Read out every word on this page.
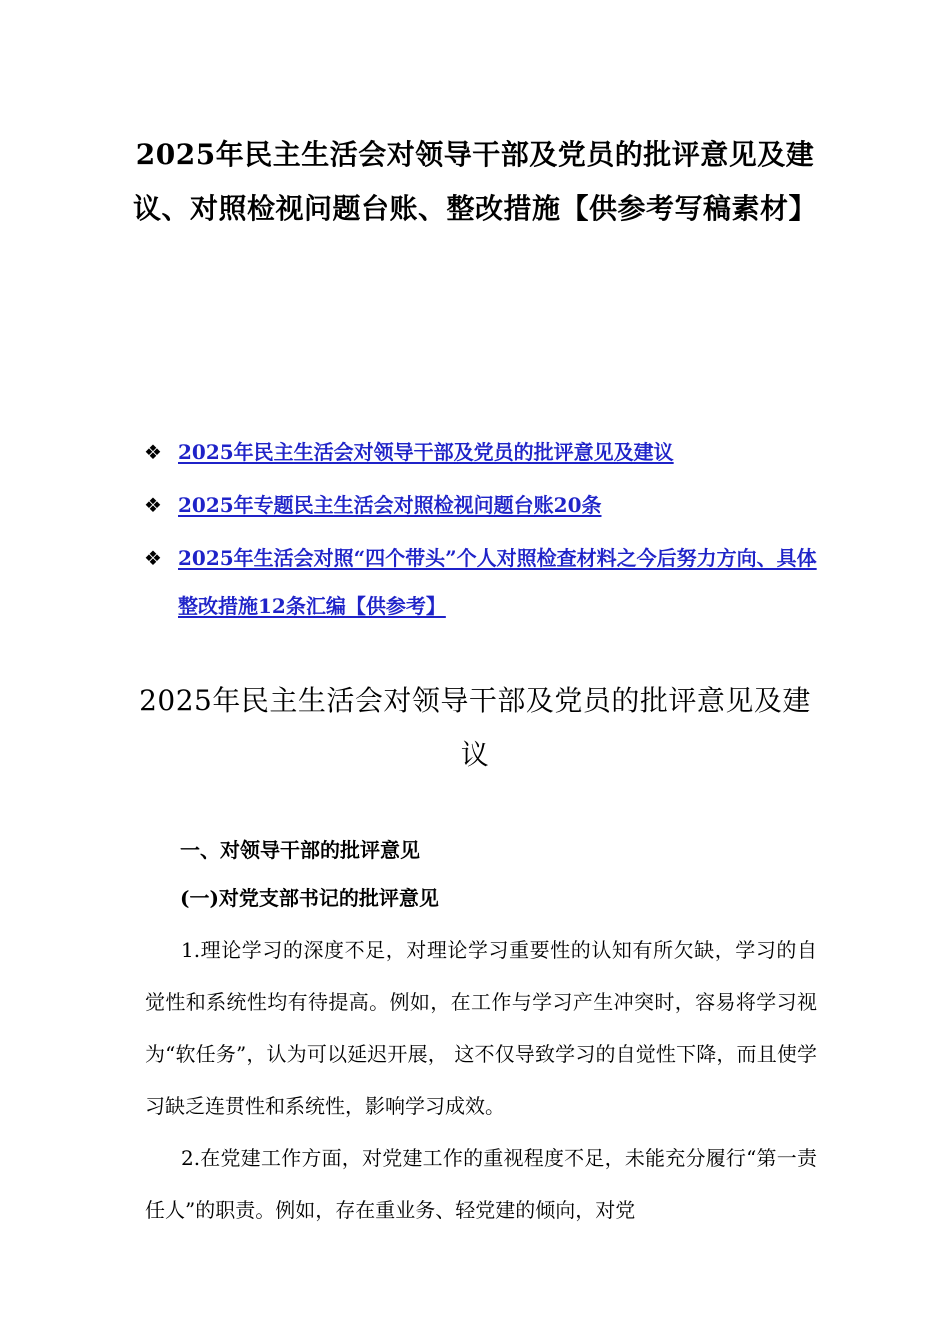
2025年民主生活会对领导干部及党员的批评意见及建议、对照检视问题台账、整改措施【供参考写稿素材】
❖ 2025年民主生活会对领导干部及党员的批评意见及建议
❖ 2025年专题民主生活会对照检视问题台账20条
❖ 2025年生活会对照“四个带头”个人对照检查材料之今后努力方向、具体整改措施12条汇编【供参考】
2025年民主生活会对领导干部及党员的批评意见及建议
一、对领导干部的批评意见
(一)对党支部书记的批评意见

1.理论学习的深度不足，对理论学习重要性的认知有所欠缺，学习的自觉性和系统性均有待提高。例如，在工作与学习产生冲突时，容易将学习视为“软任务”，认为可以延迟开展， 这不仅导致学习的自觉性下降，而且使学习缺乏连贯性和系统性，影响学习成效。

2.在党建工作方面，对党建工作的重视程度不足，未能充分履行“第一责任人”的职责。例如，存在重业务、轻党建的倾向，对党
